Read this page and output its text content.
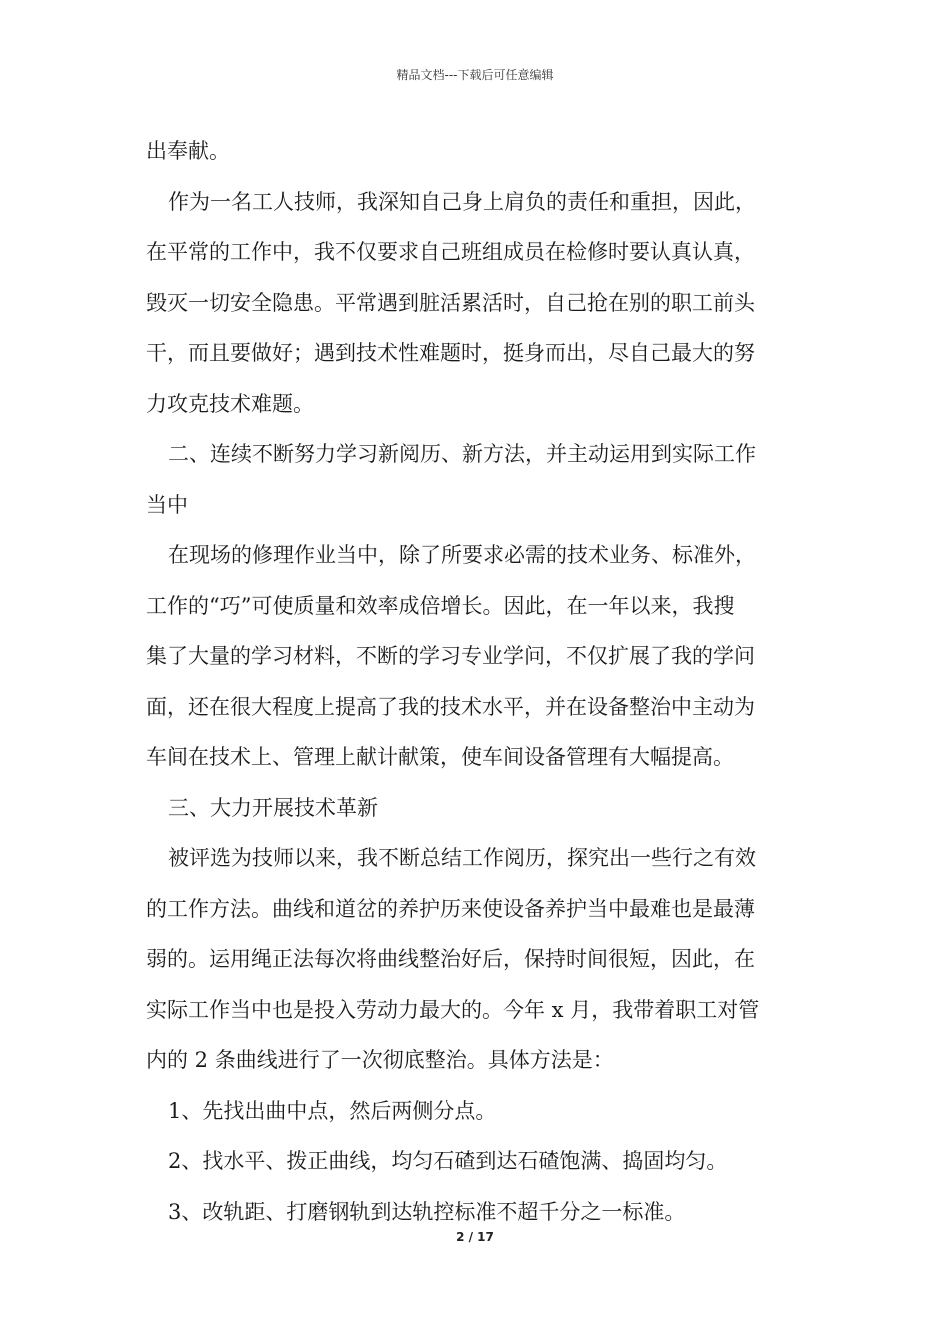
精品文档---下载后可任意编辑
出奉献。
作为一名工人技师，我深知自己身上肩负的责任和重担，因此，
在平常的工作中，我不仅要求自己班组成员在检修时要认真认真，
毁灭一切安全隐患。平常遇到脏活累活时，自己抢在别的职工前头
干，而且要做好；遇到技术性难题时，挺身而出，尽自己最大的努
力攻克技术难题。
二、连续不断努力学习新阅历、新方法，并主动运用到实际工作
当中
在现场的修理作业当中，除了所要求必需的技术业务、标准外，
工作的“巧”可使质量和效率成倍增长。因此，在一年以来，我搜
集了大量的学习材料，不断的学习专业学问，不仅扩展了我的学问
面，还在很大程度上提高了我的技术水平，并在设备整治中主动为
车间在技术上、管理上献计献策，使车间设备管理有大幅提高。
三、大力开展技术革新
被评选为技师以来，我不断总结工作阅历，探究出一些行之有效
的工作方法。曲线和道岔的养护历来使设备养护当中最难也是最薄
弱的。运用绳正法每次将曲线整治好后，保持时间很短，因此，在
实际工作当中也是投入劳动力最大的。今年 x 月，我带着职工对管
内的 2 条曲线进行了一次彻底整治。具体方法是：
1、先找出曲中点，然后两侧分点。
2、找水平、拨正曲线，均匀石碴到达石碴饱满、捣固均匀。
3、改轨距、打磨钢轨到达轨控标准不超千分之一标准。
2 / 17
